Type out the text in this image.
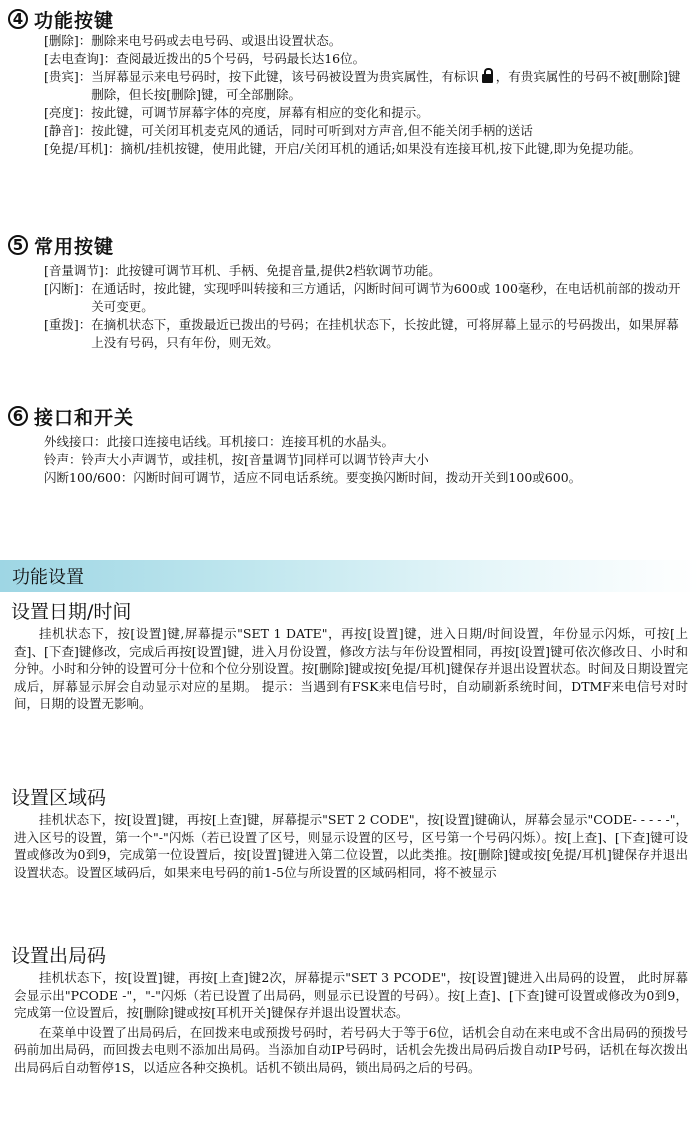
4 功能按键
[删除]： 删除来电号码或去电号码、或退出设置状态。
[去电查询]： 查阅最近拨出的5个号码，号码最长达16位。
[贵宾]： 当屏幕显示来电号码时，按下此键，该号码被设置为贵宾属性，有标识 ，有贵宾属性的号码不被[删除]键删除，但长按[删除]键，可全部删除。
[亮度]： 按此键，可调节屏幕字体的亮度，屏幕有相应的变化和提示。
[静音]： 按此键，可关闭耳机麦克风的通话，同时可听到对方声音,但不能关闭手柄的送话
[免提/耳机]： 摘机/挂机按键，使用此键，开启/关闭耳机的通话;如果没有连接耳机,按下此键,即为免提功能。
5 常用按键
[音量调节]： 此按键可调节耳机、手柄、免提音量,提供2档软调节功能。
[闪断]： 在通话时，按此键，实现呼叫转接和三方通话，闪断时间可调节为600或 100毫秒，在电话机前部的拨动开关可变更。
[重拨]： 在摘机状态下，重拨最近已拨出的号码；在挂机状态下，长按此键，可将屏幕上显示的号码拨出，如果屏幕上没有号码，只有年份，则无效。
6 接口和开关
外线接口：此接口连接电话线。耳机接口：连接耳机的水晶头。
铃声：铃声大小声调节，或挂机，按[音量调节]同样可以调节铃声大小
闪断100/600：闪断时间可调节，适应不同电话系统。要变换闪断时间，拨动开关到100或600。
功能设置
设置日期/时间
挂机状态下，按[设置]键,屏幕提示"SET 1 DATE"，再按[设置]键，进入日期/时间设置，年份显示闪烁，可按[上查]、[下查]键修改，完成后再按[设置]键，进入月份设置，修改方法与年份设置相同，再按[设置]键可依次修改日、小时和分钟。小时和分钟的设置可分十位和个位分别设置。按[删除]键或按[免提/耳机]键保存并退出设置状态。时间及日期设置完成后，屏幕显示屏会自动显示对应的星期。 提示：当遇到有FSK来电信号时，自动刷新系统时间，DTMF来电信号对时间，日期的设置无影响。
设置区域码
挂机状态下，按[设置]键，再按[上查]键，屏幕提示"SET 2 CODE"，按[设置]键确认，屏幕会显示"CODE- - - - -"，进入区号的设置，第一个"-"闪烁（若已设置了区号，则显示设置的区号，区号第一个号码闪烁）。按[上查]、[下查]键可设置或修改为0到9，完成第一位设置后，按[设置]键进入第二位设置，以此类推。按[删除]键或按[免提/耳机]键保存并退出设置状态。设置区域码后，如果来电号码的前1-5位与所设置的区域码相同，将不被显示
设置出局码
挂机状态下，按[设置]键，再按[上查]键2次，屏幕提示"SET 3 PCODE"，按[设置]键进入出局码的设置， 此时屏幕会显示出"PCODE -"，"-"闪烁（若已设置了出局码，则显示已设置的号码）。按[上查]、[下查]键可设置或修改为0到9，完成第一位设置后，按[删除]键或按[耳机开关]键保存并退出设置状态。
在菜单中设置了出局码后，在回拨来电或预拨号码时，若号码大于等于6位，话机会自动在来电或不含出局码的预拨号码前加出局码，而回拨去电则不添加出局码。当添加自动IP号码时，话机会先拨出局码后拨自动IP号码，话机在每次拨出出局码后自动暂停1S，以适应各种交换机。话机不锁出局码，锁出局码之后的号码。
